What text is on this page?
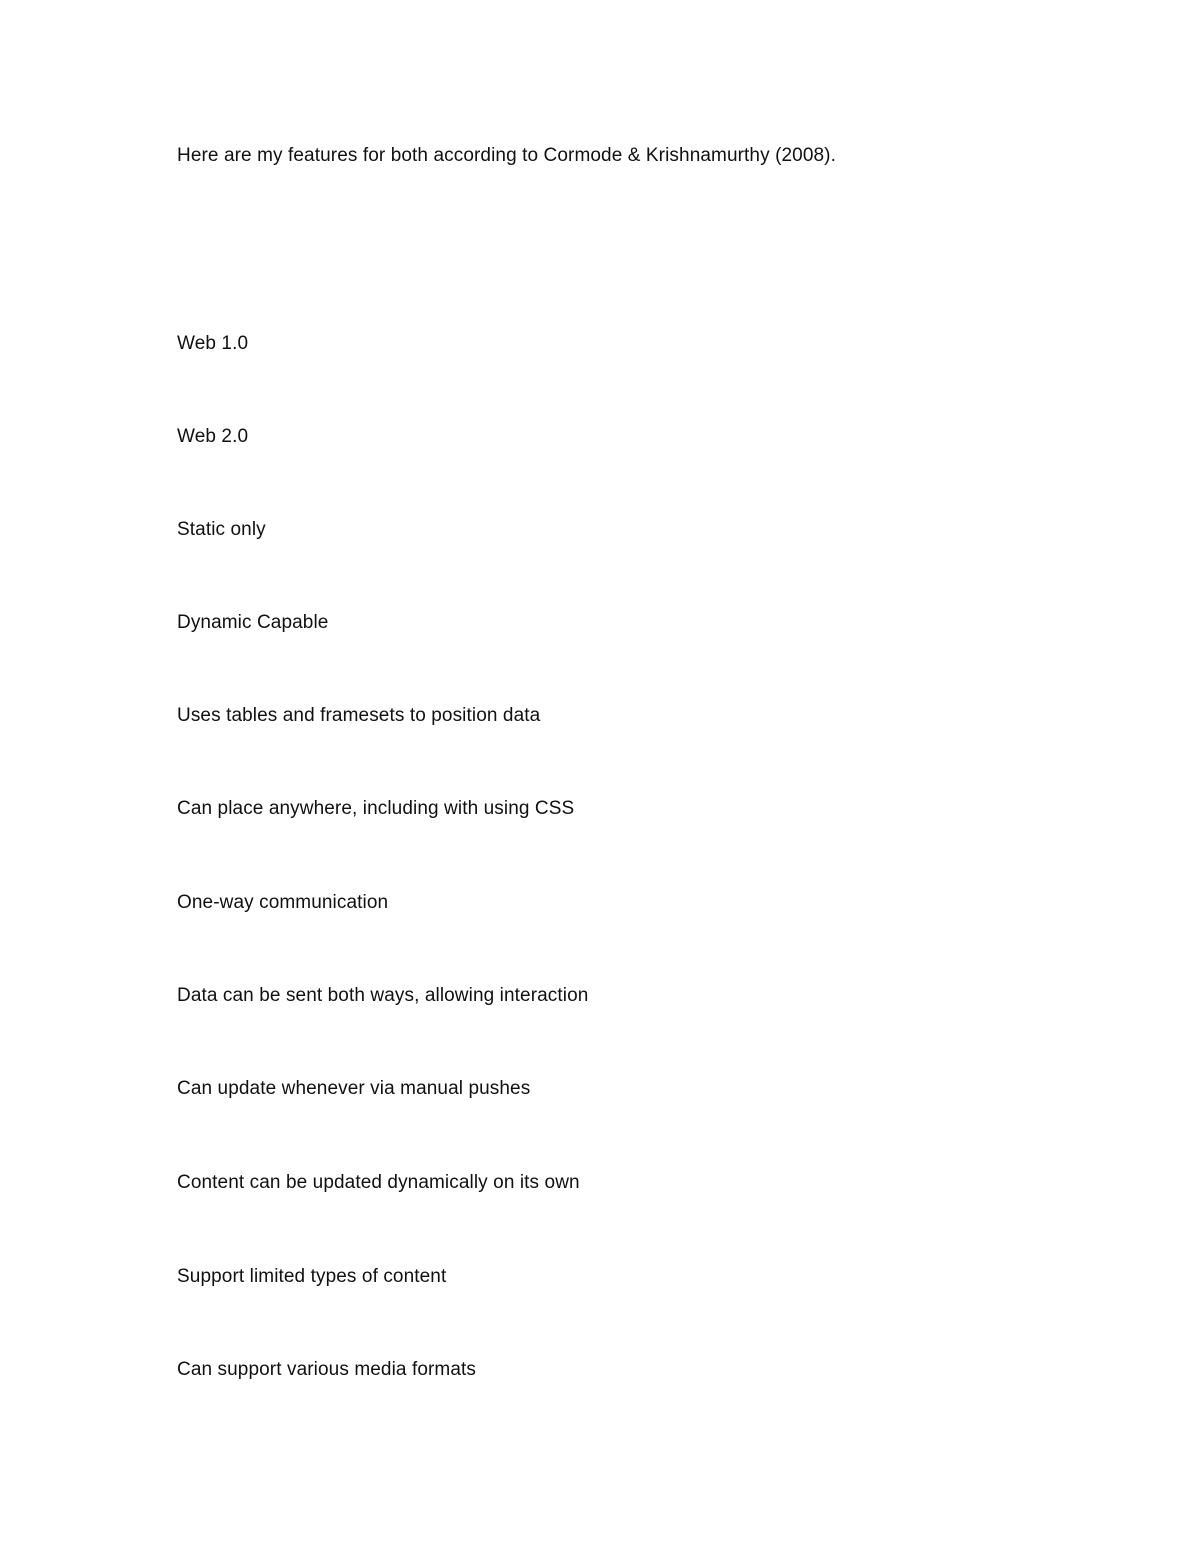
Here are my features for both according to Cormode & Krishnamurthy (2008).
Web 1.0
Web 2.0
Static only
Dynamic Capable
Uses tables and framesets to position data
Can place anywhere, including with using CSS
One-way communication
Data can be sent both ways, allowing interaction
Can update whenever via manual pushes
Content can be updated dynamically on its own
Support limited types of content
Can support various media formats
